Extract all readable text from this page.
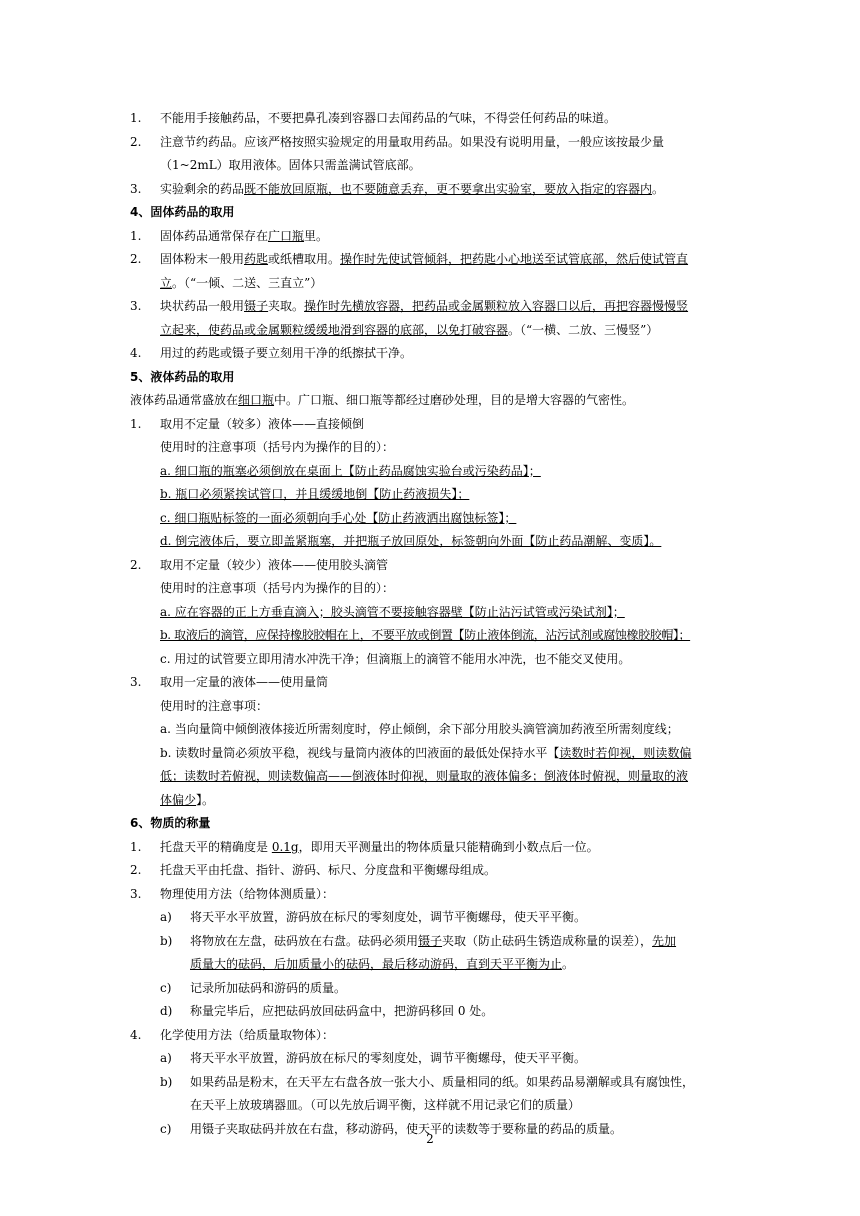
1. 不能用手接触药品，不要把鼻孔凑到容器口去闻药品的气味，不得尝任何药品的味道。
2. 注意节约药品。应该严格按照实验规定的用量取用药品。如果没有说明用量，一般应该按最少量
（1~2mL）取用液体。固体只需盖满试管底部。
3. 实验剩余的药品既不能放回原瓶，也不要随意丢弃，更不要拿出实验室，要放入指定的容器内。
4、固体药品的取用
1. 固体药品通常保存在广口瓶里。
2. 固体粉末一般用药匙或纸槽取用。操作时先使试管倾斜，把药匙小心地送至试管底部，然后使试管直
立。（“一倾、二送、三直立”）
3. 块状药品一般用镊子夹取。操作时先横放容器，把药品或金属颗粒放入容器口以后，再把容器慢慢竖
立起来，使药品或金属颗粒缓缓地滑到容器的底部，以免打破容器。（“一横、二放、三慢竖”）
4. 用过的药匙或镊子要立刻用干净的纸擦拭干净。
5、液体药品的取用
液体药品通常盛放在细口瓶中。广口瓶、细口瓶等都经过磨砂处理，目的是增大容器的气密性。
1. 取用不定量（较多）液体——直接倾倒
使用时的注意事项（括号内为操作的目的）：
a. 细口瓶的瓶塞必须倒放在桌面上【防止药品腐蚀实验台或污染药品】；
b. 瓶口必须紧挨试管口，并且缓缓地倒【防止药液损失】；
c. 细口瓶贴标签的一面必须朝向手心处【防止药液洒出腐蚀标签】；
d. 倒完液体后，要立即盖紧瓶塞，并把瓶子放回原处，标签朝向外面【防止药品潮解、变质】。
2. 取用不定量（较少）液体——使用胶头滴管
使用时的注意事项（括号内为操作的目的）：
a. 应在容器的正上方垂直滴入；胶头滴管不要接触容器壁【防止沾污试管或污染试剂】；
b. 取液后的滴管，应保持橡胶胶帽在上，不要平放或倒置【防止液体倒流，沾污试剂或腐蚀橡胶胶帽】；
c. 用过的试管要立即用清水冲洗干净；但滴瓶上的滴管不能用水冲洗，也不能交叉使用。
3. 取用一定量的液体——使用量筒
使用时的注意事项：
a. 当向量筒中倾倒液体接近所需刻度时，停止倾倒，余下部分用胶头滴管滴加药液至所需刻度线；
b. 读数时量筒必须放平稳，视线与量筒内液体的凹液面的最低处保持水平【读数时若仰视，则读数偏
低；读数时若俯视，则读数偏高——倒液体时仰视，则量取的液体偏多；倒液体时俯视，则量取的液
体偏少】。
6、物质的称量
1. 托盘天平的精确度是 0.1g，即用天平测量出的物体质量只能精确到小数点后一位。
2. 托盘天平由托盘、指针、游码、标尺、分度盘和平衡螺母组成。
3. 物理使用方法（给物体测质量）：
a) 将天平水平放置，游码放在标尺的零刻度处，调节平衡螺母，使天平平衡。
b) 将物放在左盘，砝码放在右盘。砝码必须用镊子夹取（防止砝码生锈造成称量的误差），先加
质量大的砝码，后加质量小的砝码，最后移动游码，直到天平平衡为止。
c) 记录所加砝码和游码的质量。
d) 称量完毕后，应把砝码放回砝码盒中，把游码移回 0 处。
4. 化学使用方法（给质量取物体）：
a) 将天平水平放置，游码放在标尺的零刻度处，调节平衡螺母，使天平平衡。
b) 如果药品是粉末，在天平左右盘各放一张大小、质量相同的纸。如果药品易潮解或具有腐蚀性，
在天平上放玻璃器皿。（可以先放后调平衡，这样就不用记录它们的质量）
c) 用镊子夹取砝码并放在右盘，移动游码，使天平的读数等于要称量的药品的质量。
2
